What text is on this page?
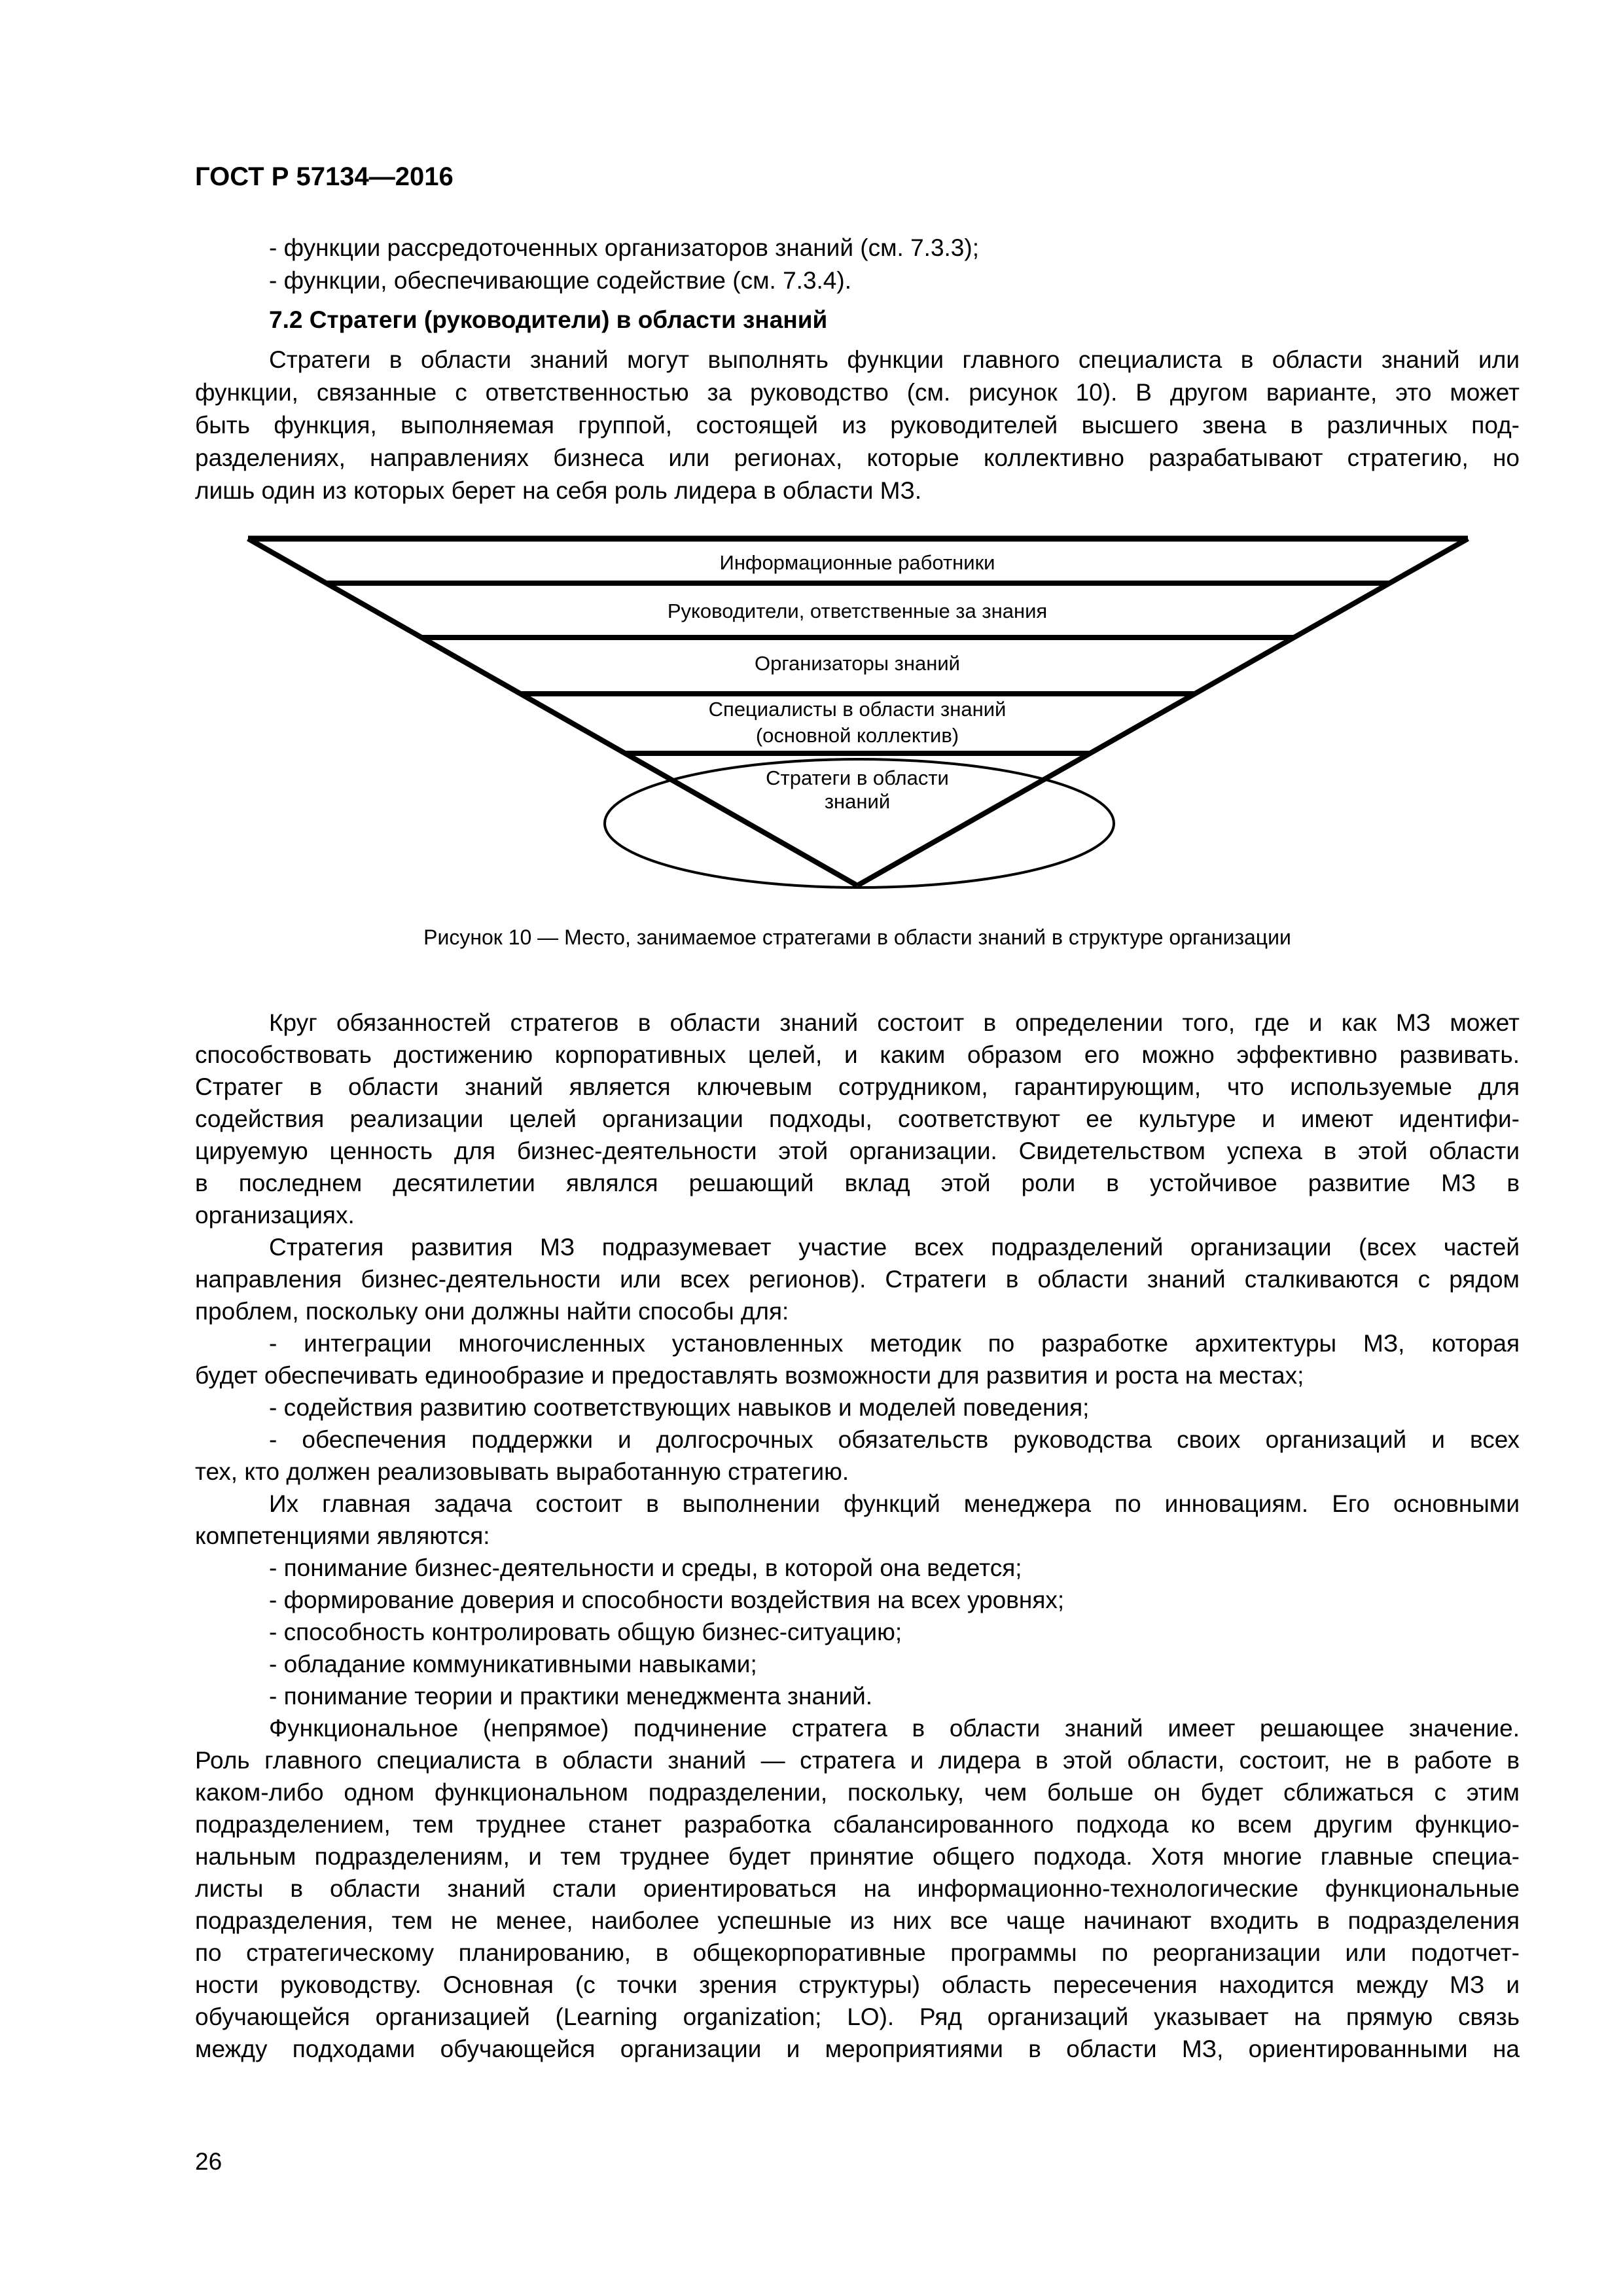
ГОСТ Р 57134—2016
- функции рассредоточенных организаторов знаний (см. 7.3.3);
- функции, обеспечивающие содействие (см. 7.3.4).
7.2 Стратеги (руководители) в области знаний
Стратеги в области знаний могут выполнять функции главного специалиста в области знаний или
функции, связанные с ответственностью за руководство (см. рисунок 10). В другом варианте, это может
быть функция, выполняемая группой, состоящей из руководителей высшего звена в различных под-
разделениях, направлениях бизнеса или регионах, которые коллективно разрабатывают стратегию, но
лишь один из которых берет на себя роль лидера в области МЗ.
Информационные работники
Руководители, ответственные за знания
Организаторы знаний
Специалисты в области знаний
(основной коллектив)
Стратеги в области
знаний
Рисунок 10 — Место, занимаемое стратегами в области знаний в структуре организации
Круг обязанностей стратегов в области знаний состоит в определении того, где и как МЗ может
способствовать достижению корпоративных целей, и каким образом его можно эффективно развивать.
Стратег в области знаний является ключевым сотрудником, гарантирующим, что используемые для
содействия реализации целей организации подходы, соответствуют ее культуре и имеют идентифи-
цируемую ценность для бизнес-деятельности этой организации. Свидетельством успеха в этой области
в последнем десятилетии являлся решающий вклад этой роли в устойчивое развитие МЗ в
организациях.
Стратегия развития МЗ подразумевает участие всех подразделений организации (всех частей
направления бизнес-деятельности или всех регионов). Стратеги в области знаний сталкиваются с рядом
проблем, поскольку они должны найти способы для:
- интеграции многочисленных установленных методик по разработке архитектуры МЗ, которая
будет обеспечивать единообразие и предоставлять возможности для развития и роста на местах;
- содействия развитию соответствующих навыков и моделей поведения;
- обеспечения поддержки и долгосрочных обязательств руководства своих организаций и всех
тех, кто должен реализовывать выработанную стратегию.
Их главная задача состоит в выполнении функций менеджера по инновациям. Его основными
компетенциями являются:
- понимание бизнес-деятельности и среды, в которой она ведется;
- формирование доверия и способности воздействия на всех уровнях;
- способность контролировать общую бизнес-ситуацию;
- обладание коммуникативными навыками;
- понимание теории и практики менеджмента знаний.
Функциональное (непрямое) подчинение стратега в области знаний имеет решающее значение.
Роль главного специалиста в области знаний — стратега и лидера в этой области, состоит, не в работе в
каком-либо одном функциональном подразделении, поскольку, чем больше он будет сближаться с этим
подразделением, тем труднее станет разработка сбалансированного подхода ко всем другим функцио-
нальным подразделениям, и тем труднее будет принятие общего подхода. Хотя многие главные специа-
листы в области знаний стали ориентироваться на информационно-технологические функциональные
подразделения, тем не менее, наиболее успешные из них все чаще начинают входить в подразделения
по стратегическому планированию, в общекорпоративные программы по реорганизации или подотчет-
ности руководству. Основная (с точки зрения структуры) область пересечения находится между МЗ и
обучающейся организацией (Learning organization; LO). Ряд организаций указывает на прямую связь
между подходами обучающейся организации и мероприятиями в области МЗ, ориентированными на
26
